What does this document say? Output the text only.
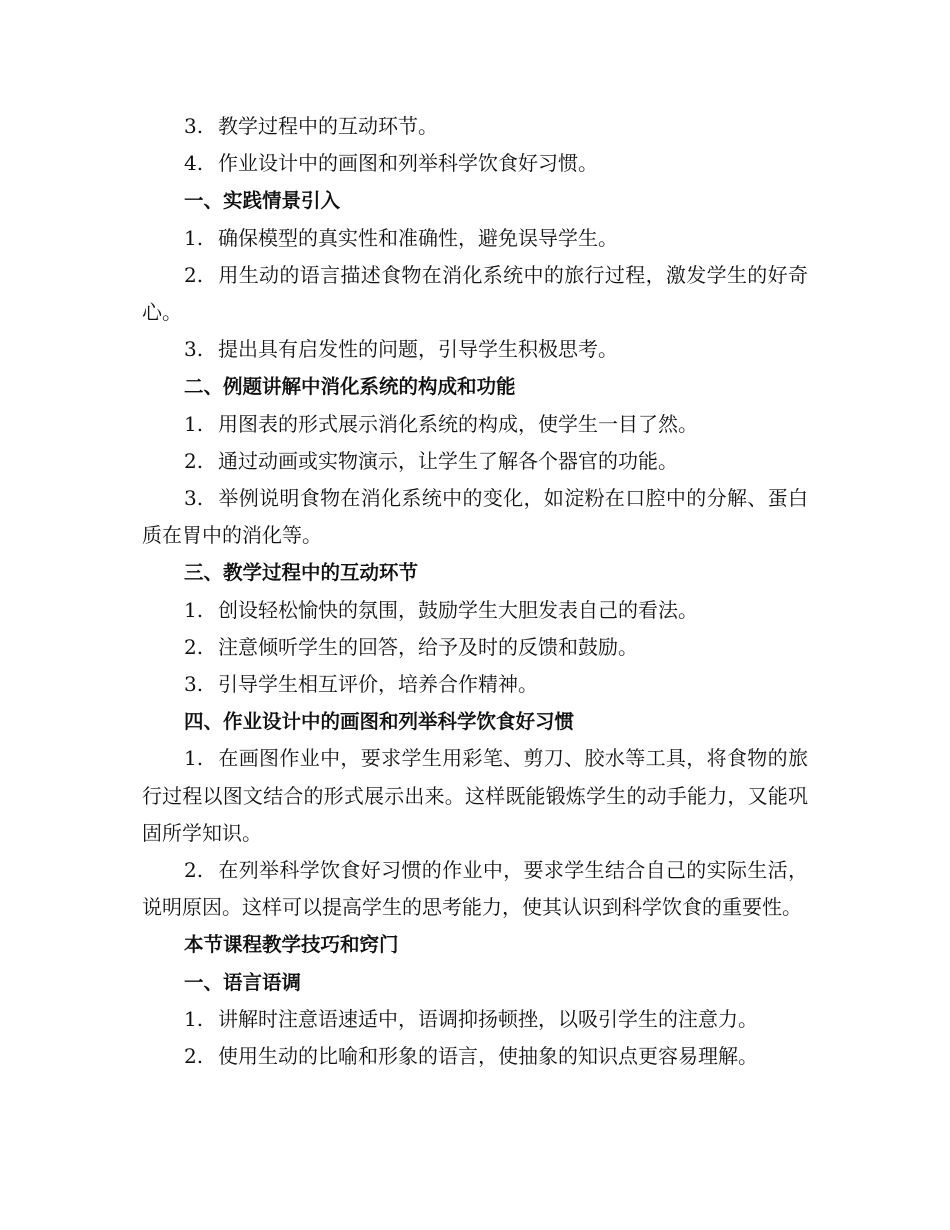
3. 教学过程中的互动环节。

4. 作业设计中的画图和列举科学饮食好习惯。

一、实践情景引入

1. 确保模型的真实性和准确性，避免误导学生。

2. 用生动的语言描述食物在消化系统中的旅行过程，激发学生的好奇心。

3. 提出具有启发性的问题，引导学生积极思考。

二、例题讲解中消化系统的构成和功能

1. 用图表的形式展示消化系统的构成，使学生一目了然。

2. 通过动画或实物演示，让学生了解各个器官的功能。

3. 举例说明食物在消化系统中的变化，如淀粉在口腔中的分解、蛋白质在胃中的消化等。

三、教学过程中的互动环节

1. 创设轻松愉快的氛围，鼓励学生大胆发表自己的看法。

2. 注意倾听学生的回答，给予及时的反馈和鼓励。

3. 引导学生相互评价，培养合作精神。

四、作业设计中的画图和列举科学饮食好习惯

1. 在画图作业中，要求学生用彩笔、剪刀、胶水等工具，将食物的旅行过程以图文结合的形式展示出来。这样既能锻炼学生的动手能力，又能巩固所学知识。

2. 在列举科学饮食好习惯的作业中，要求学生结合自己的实际生活，说明原因。这样可以提高学生的思考能力，使其认识到科学饮食的重要性。

本节课程教学技巧和窍门

一、语言语调

1. 讲解时注意语速适中，语调抑扬顿挫，以吸引学生的注意力。

2. 使用生动的比喻和形象的语言，使抽象的知识点更容易理解。
